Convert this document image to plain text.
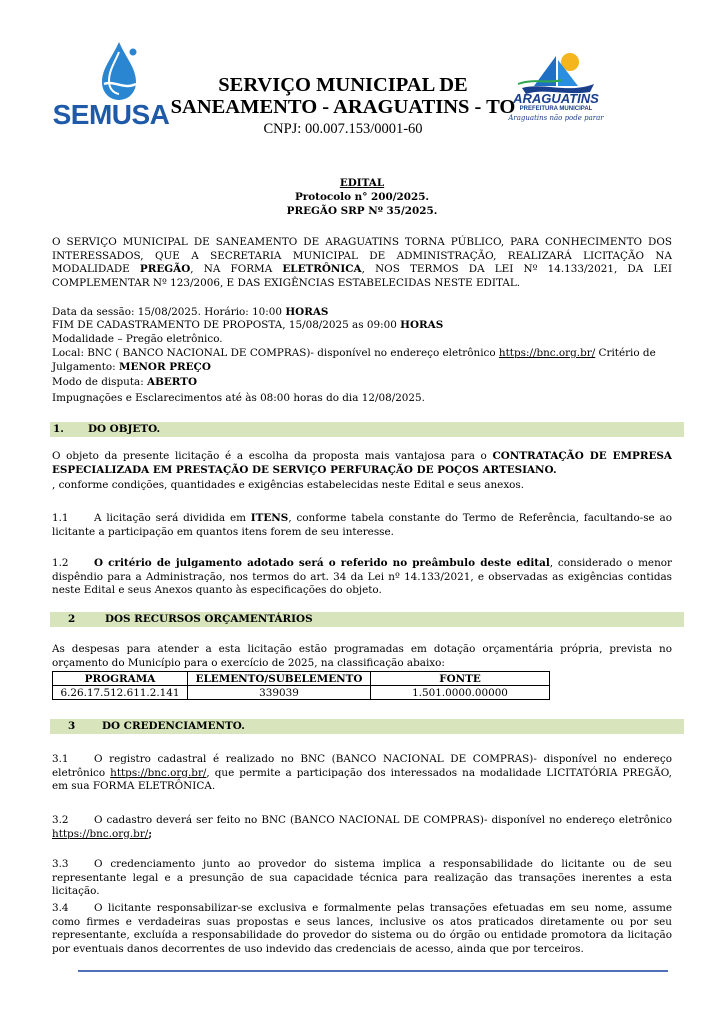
SEMUSA
SERVIÇO MUNICIPAL DE
SANEAMENTO - ARAGUATINS - TO
CNPJ: 00.007.153/0001-60
ARAGUATINS
PREFEITURA MUNICIPAL
Araguatins não pode parar
EDITAL
Protocolo n° 200/2025.
PREGÃO SRP Nº 35/2025.
O SERVIÇO MUNICIPAL DE SANEAMENTO DE ARAGUATINS TORNA PÚBLICO, PARA CONHECIMENTO DOS INTERESSADOS, QUE A SECRETARIA MUNICIPAL DE ADMINISTRAÇÃO, REALIZARÁ LICITAÇÃO NA MODALIDADE PREGÃO, NA FORMA ELETRÔNICA, NOS TERMOS DA LEI Nº 14.133/2021, DA LEI COMPLEMENTAR Nº 123/2006, E DAS EXIGÊNCIAS ESTABELECIDAS NESTE EDITAL.
Data da sessão: 15/08/2025. Horário: 10:00 HORAS
FIM DE CADASTRAMENTO DE PROPOSTA, 15/08/2025 as 09:00 HORAS
Modalidade – Pregão eletrônico.
Local: BNC ( BANCO NACIONAL DE COMPRAS)- disponível no endereço eletrônico https://bnc.org.br/ Critério de
Julgamento: MENOR PREÇO
Modo de disputa: ABERTO
Impugnações e Esclarecimentos até às 08:00 horas do dia 12/08/2025.
1. DO OBJETO.
O objeto da presente licitação é a escolha da proposta mais vantajosa para o CONTRATAÇÃO DE EMPRESA ESPECIALIZADA EM PRESTAÇÃO DE SERVIÇO PERFURAÇÃO DE POÇOS ARTESIANO.
, conforme condições, quantidades e exigências estabelecidas neste Edital e seus anexos.
1.1 A licitação será dividida em ITENS, conforme tabela constante do Termo de Referência, facultando-se ao licitante a participação em quantos itens forem de seu interesse.
1.2 O critério de julgamento adotado será o referido no preâmbulo deste edital, considerado o menor dispêndio para a Administração, nos termos do art. 34 da Lei nº 14.133/2021, e observadas as exigências contidas neste Edital e seus Anexos quanto às especificações do objeto.
2	DOS RECURSOS ORÇAMENTÁRIOS
As despesas para atender a esta licitação estão programadas em dotação orçamentária própria, prevista no orçamento do Município para o exercício de 2025, na classificação abaixo:
PROGRAMA	ELEMENTO/SUBELEMENTO	FONTE
6.26.17.512.611.2.141	339039	1.501.0000.00000
3	DO CREDENCIAMENTO.
3.1 O registro cadastral é realizado no BNC (BANCO NACIONAL DE COMPRAS)- disponível no endereço eletrônico https://bnc.org.br/, que permite a participação dos interessados na modalidade LICITATÓRIA PREGÃO, em sua FORMA ELETRÔNICA.
3.2 O cadastro deverá ser feito no BNC (BANCO NACIONAL DE COMPRAS)- disponível no endereço eletrônico https://bnc.org.br/;
3.3 O credenciamento junto ao provedor do sistema implica a responsabilidade do licitante ou de seu representante legal e a presunção de sua capacidade técnica para realização das transações inerentes a esta licitação.
3.4 O licitante responsabilizar-se exclusiva e formalmente pelas transações efetuadas em seu nome, assume como firmes e verdadeiras suas propostas e seus lances, inclusive os atos praticados diretamente ou por seu representante, excluída a responsabilidade do provedor do sistema ou do órgão ou entidade promotora da licitação por eventuais danos decorrentes de uso indevido das credenciais de acesso, ainda que por terceiros.
